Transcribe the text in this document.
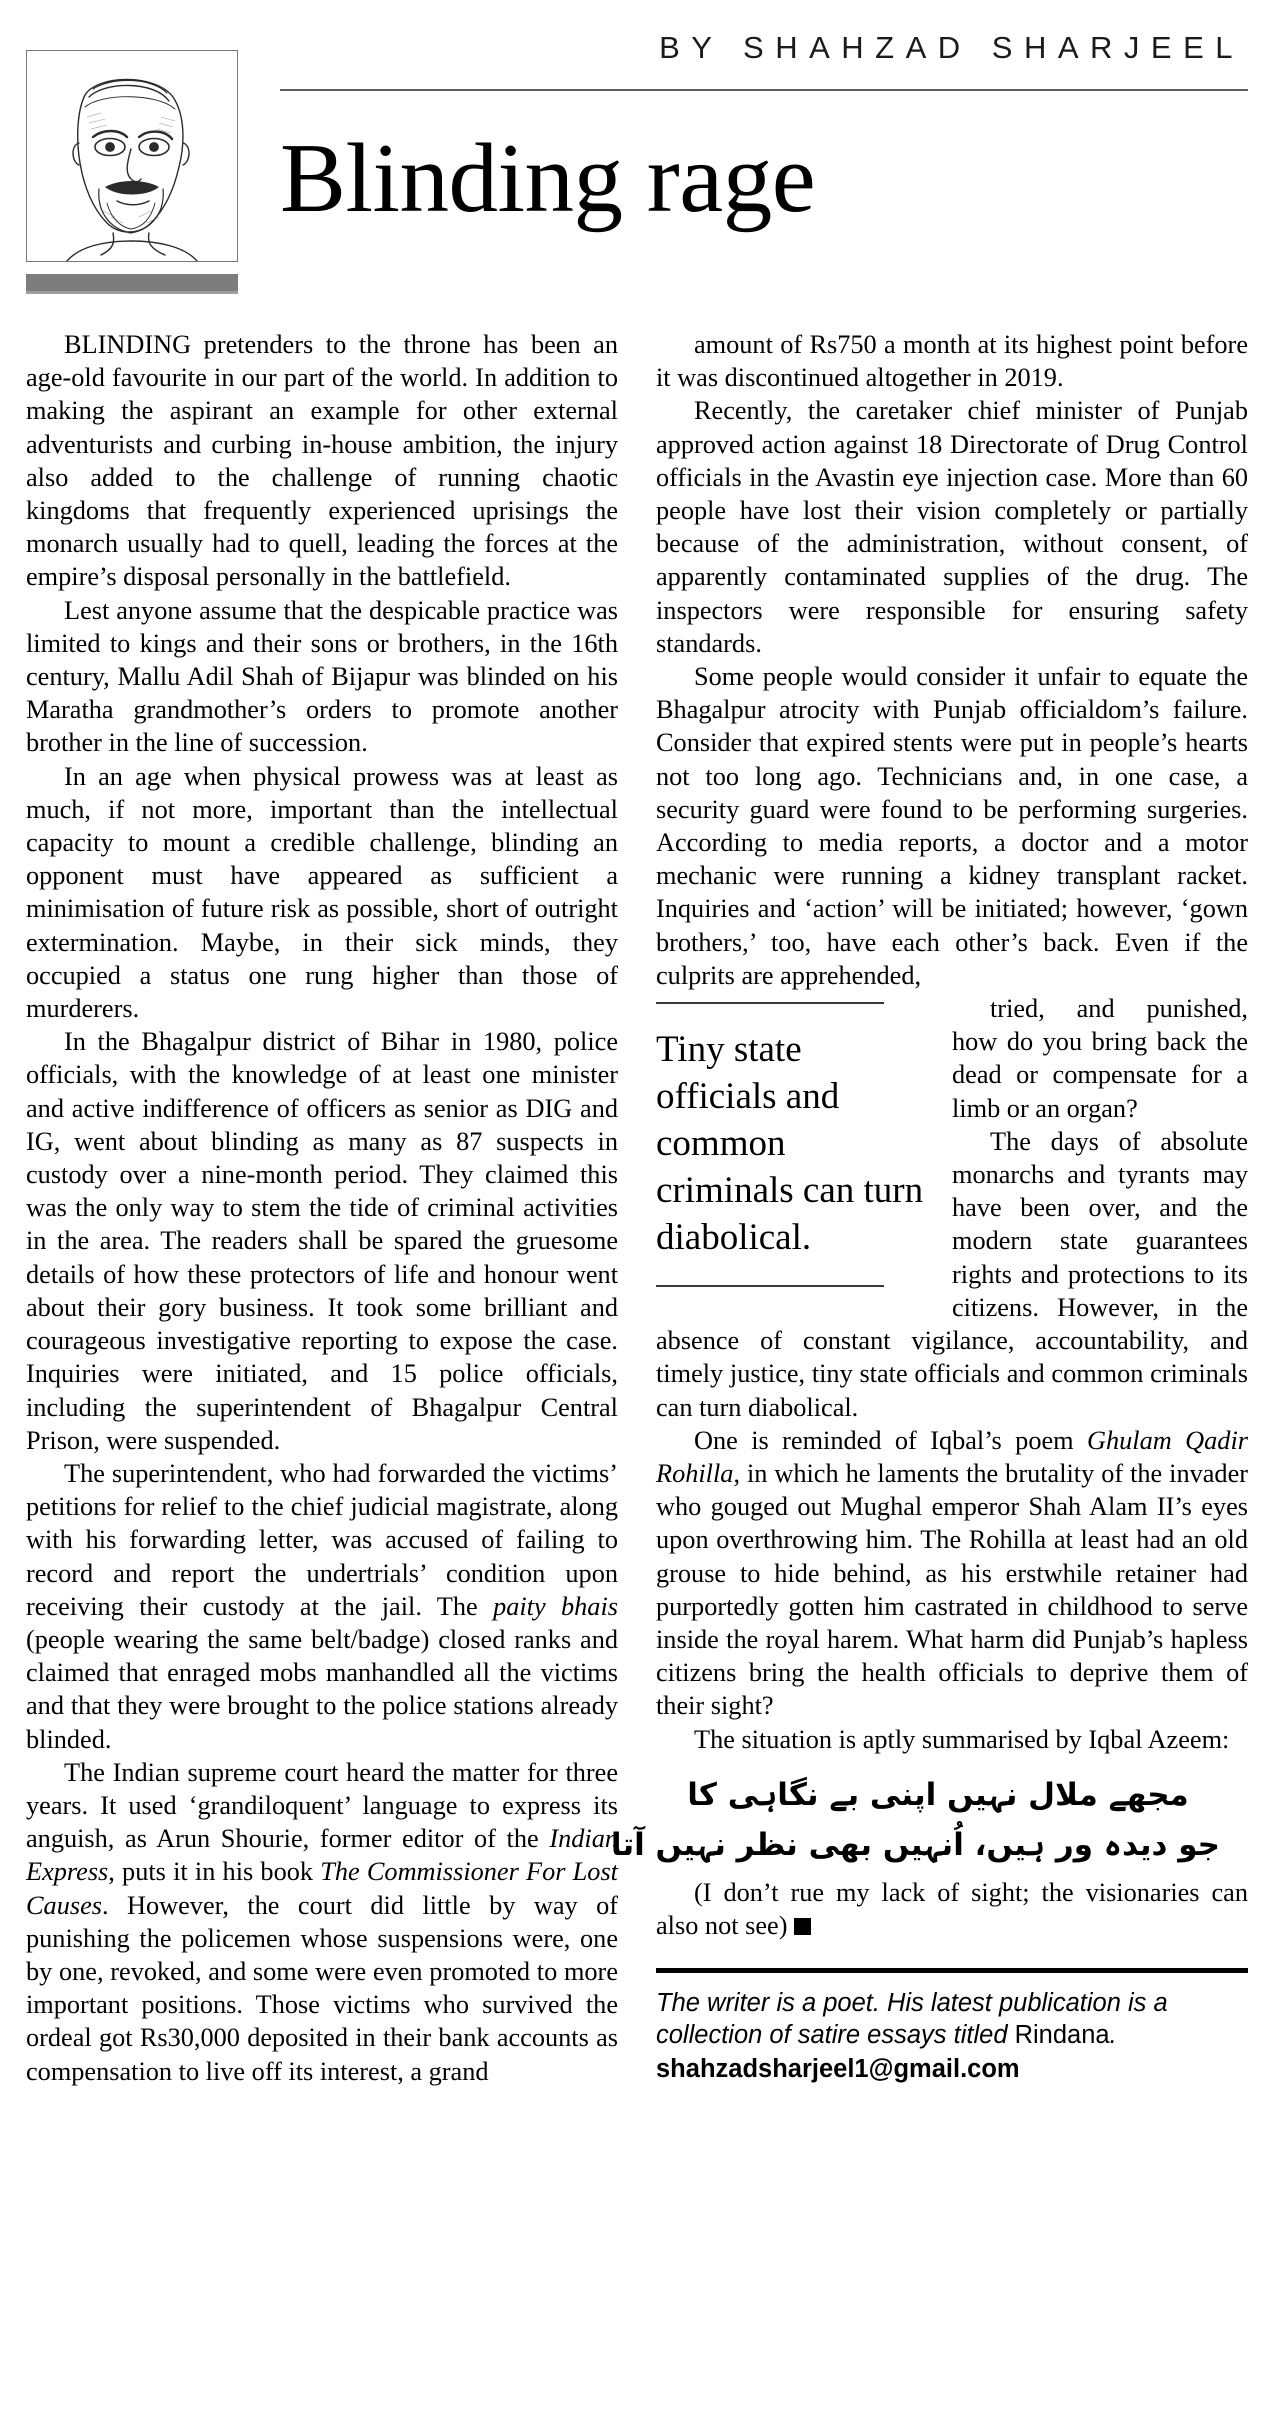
BY SHAHZAD SHARJEEL
Blinding rage

BLINDING pretenders to the throne has been an age-old favourite in our part of the world. In addition to making the aspirant an example for other external adventurists and curbing in-house ambition, the injury also added to the challenge of running chaotic kingdoms that frequently experienced uprisings the monarch usually had to quell, leading the forces at the empire’s disposal personally in the battlefield.

Lest anyone assume that the despicable practice was limited to kings and their sons or brothers, in the 16th century, Mallu Adil Shah of Bijapur was blinded on his Maratha grandmother’s orders to promote another brother in the line of succession.

In an age when physical prowess was at least as much, if not more, important than the intellectual capacity to mount a credible challenge, blinding an opponent must have appeared as sufficient a minimisation of future risk as possible, short of outright extermination. Maybe, in their sick minds, they occupied a status one rung higher than those of murderers.

In the Bhagalpur district of Bihar in 1980, police officials, with the knowledge of at least one minister and active indifference of officers as senior as DIG and IG, went about blinding as many as 87 suspects in custody over a nine-month period. They claimed this was the only way to stem the tide of criminal activities in the area. The readers shall be spared the gruesome details of how these protectors of life and honour went about their gory business. It took some brilliant and courageous investigative reporting to expose the case. Inquiries were initiated, and 15 police officials, including the superintendent of Bhagalpur Central Prison, were suspended.

The superintendent, who had forwarded the victims’ petitions for relief to the chief judicial magistrate, along with his forwarding letter, was accused of failing to record and report the undertrials’ condition upon receiving their custody at the jail. The paity bhais (people wearing the same belt/badge) closed ranks and claimed that enraged mobs manhandled all the victims and that they were brought to the police stations already blinded.

The Indian supreme court heard the matter for three years. It used ‘grandiloquent’ language to express its anguish, as Arun Shourie, former editor of the Indian Express, puts it in his book The Commissioner For Lost Causes. However, the court did little by way of punishing the policemen whose suspensions were, one by one, revoked, and some were even promoted to more important positions. Those victims who survived the ordeal got Rs30,000 deposited in their bank accounts as compensation to live off its interest, a grand

amount of Rs750 a month at its highest point before it was discontinued altogether in 2019.

Recently, the caretaker chief minister of Punjab approved action against 18 Directorate of Drug Control officials in the Avastin eye injection case. More than 60 people have lost their vision completely or partially because of the administration, without consent, of apparently contaminated supplies of the drug. The inspectors were responsible for ensuring safety standards.

Some people would consider it unfair to equate the Bhagalpur atrocity with Punjab officialdom’s failure. Consider that expired stents were put in people’s hearts not too long ago. Technicians and, in one case, a security guard were found to be performing surgeries. According to media reports, a doctor and a motor mechanic were running a kidney transplant racket. Inquiries and ‘action’ will be initiated; however, ‘gown brothers,’ too, have each other’s back. Even if the culprits are apprehended,

Tiny state officials and common criminals can turn diabolical.

tried, and punished, how do you bring back the dead or compensate for a limb or an organ?

The days of absolute monarchs and tyrants may have been over, and the modern state guarantees rights and protections to its citizens. However, in the absence of constant vigilance, accountability, and timely justice, tiny state officials and common criminals can turn diabolical.

One is reminded of Iqbal’s poem Ghulam Qadir Rohilla, in which he laments the brutality of the invader who gouged out Mughal emperor Shah Alam II’s eyes upon overthrowing him. The Rohilla at least had an old grouse to hide behind, as his erstwhile retainer had purportedly gotten him castrated in childhood to serve inside the royal harem. What harm did Punjab’s hapless citizens bring the health officials to deprive them of their sight?

The situation is aptly summarised by Iqbal Azeem:

مجھے ملال نہیں اپنی بے نگاہی کا
جو دیدہ ور ہیں، اُنہیں بھی نظر نہیں آتا

(I don’t rue my lack of sight; the visionaries can also not see)

The writer is a poet. His latest publication is a collection of satire essays titled Rindana.
shahzadsharjeel1@gmail.com
